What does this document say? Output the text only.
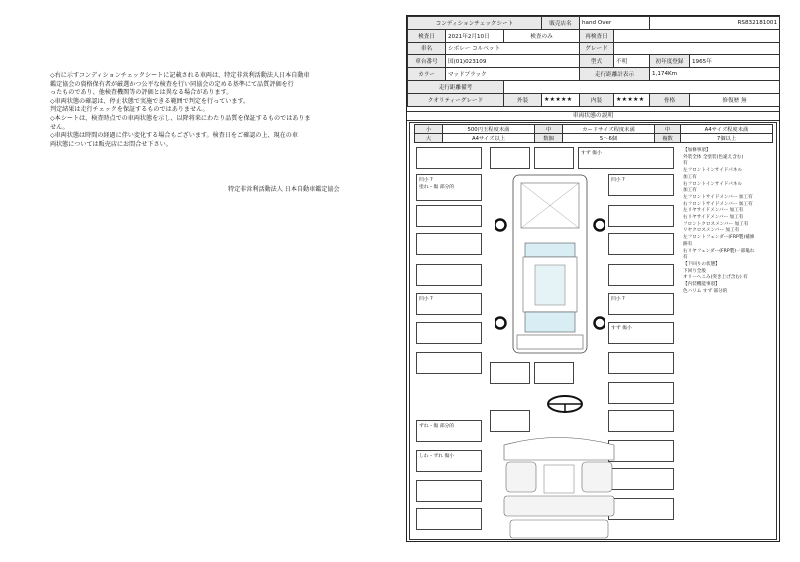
◇右に示すコンディションチェックシートに記載される車両は、特定非営利活動法人日本自動車

鑑定協会の資格保有者が厳選かつ公平な検査を行い同協会の定める基準にて品質評価を行

ったものであり、他検査機関等の評価とは異なる場合があります。

◇車両状態の確認は、停止状態で実施できる範囲で判定を行っています。

判定結果は走行チェックを保証するものではありません。

◇本シートは、検査時点での車両状態を示し、以降将来にわたり品質を保証するものではありま

せん。

◇車両状態は時間の経過に伴い変化する場合もございます。検査日をご確認の上、現在の車

両状態については販売店にお問合せ下さい。

特定非営利活動法人 日本自動車鑑定協会
コンディションチェックシート			販売店名	hand Over		RS832181001	
検査日	2021年2月10日	検査のみ		再検査日			
車名	シボレー コルベット			グレード			
車台番号	国(01)023109			型式	不明	初年度登録	1965年
カラー	マッドブラック			走行距離計表示		1,174Km	
走行距離備考							
クオリティーグレード		外装	★★★★★	内装	★★★★★	骨格	修復歴 無
車両状態の説明
小	500円玉程度未満	中	カードサイズ程度未満	中	A4サイズ程度未満
大	A4サイズ以上	数個	5～6個	複数	7個以上
凹小 ?
塗れ・傷 部分的
凹小 ?
すず 傷小
凹小 ?
凹小 ?
すず 傷小
ずれ・傷 部分的
しわ・ずれ 傷小
【加修事項】
外装全体 全塗装(色違え含む)
有
左フロントインサイドパネル
加工有
右フロントインサイドパネル
加工有
左フロントサイドメンバー 加工有
右フロントサイドメンバー 加工有
左リヤサイドメンバー 加工有
右リヤサイドメンバー 加工有
フロントクロスメンバー 加工有
リヤクロスメンバー 加工有
左フロントフェンダー(FRP製)補修
跡有
右リヤフェンダー(FRP製)一部亀れ
有
【下回りの状態】
下回り全般
オリーへこみ(突き上げ含む) 有
【内装機能事項】
色ハリム すず 部分的
